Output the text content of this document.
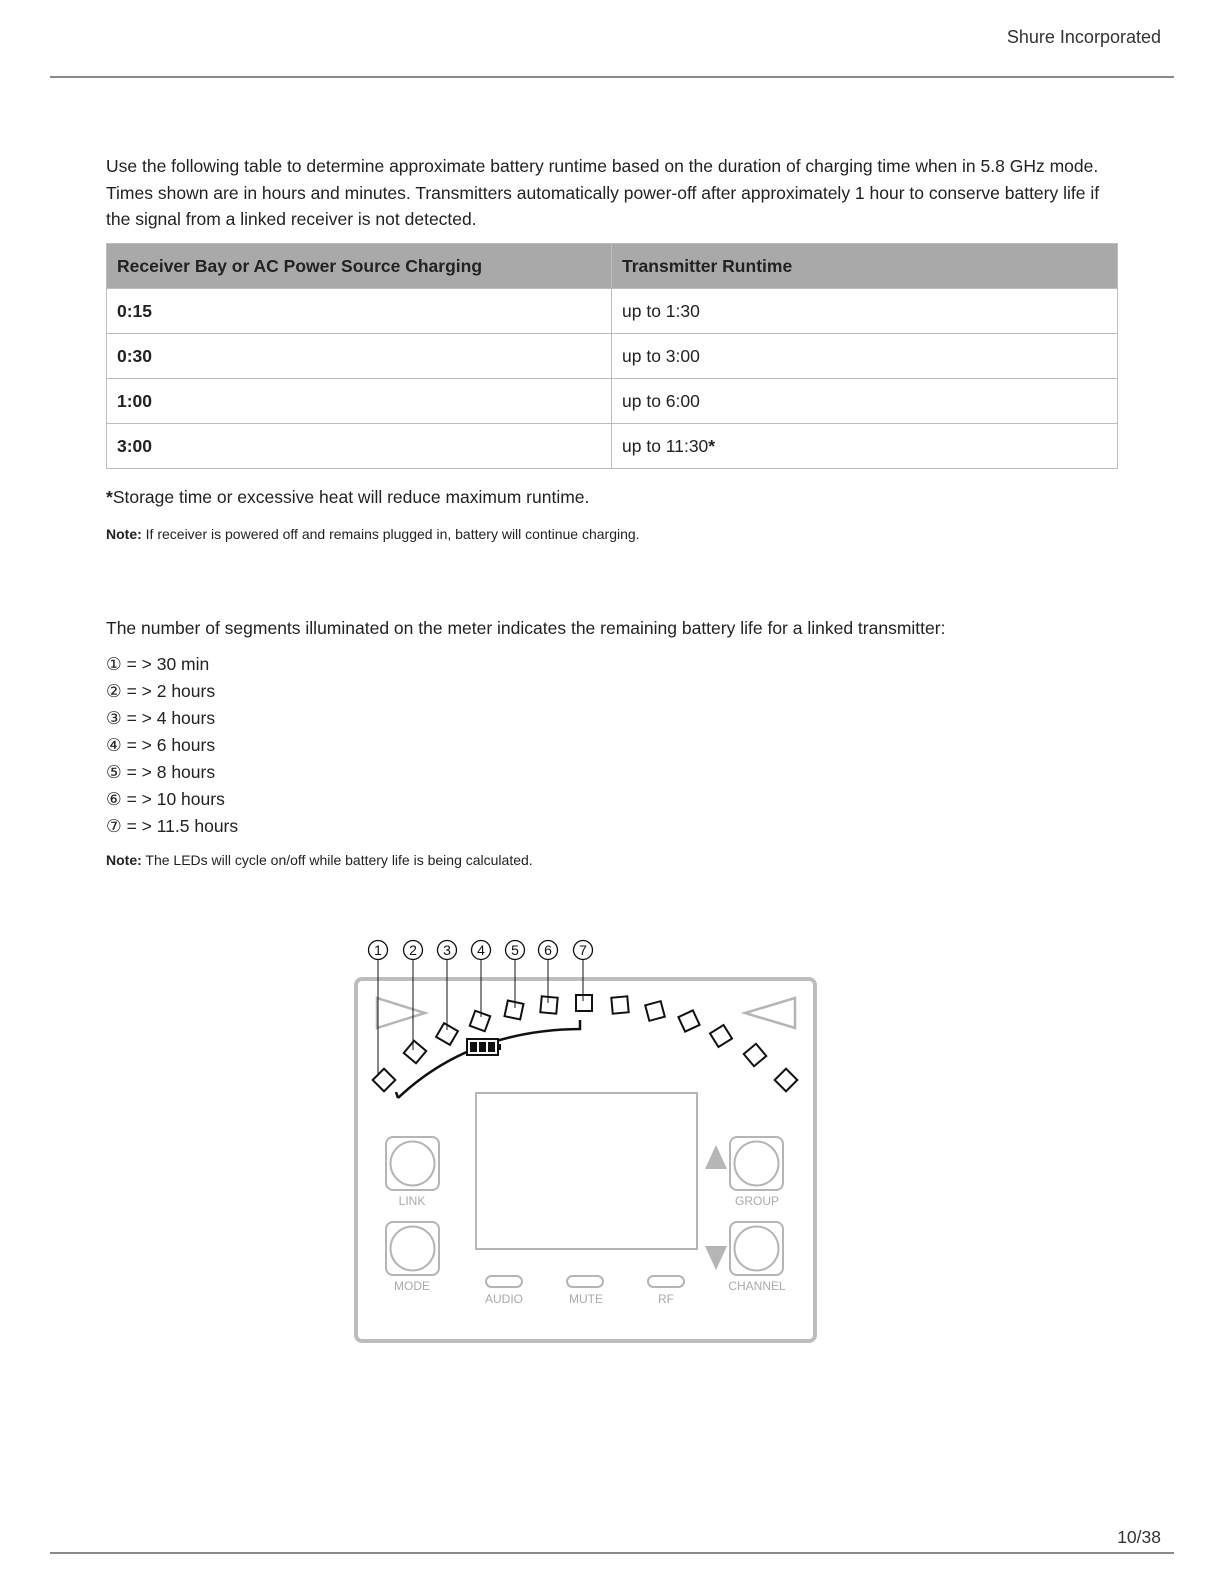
Shure Incorporated

Use the following table to determine approximate battery runtime based on the duration of charging time when in 5.8 GHz mode. Times shown are in hours and minutes. Transmitters automatically power-off after approximately 1 hour to conserve battery life if the signal from a linked receiver is not detected.

Receiver Bay or AC Power Source Charging	Transmitter Runtime
0:15	up to 1:30
0:30	up to 3:00
1:00	up to 6:00
3:00	up to 11:30*
*Storage time or excessive heat will reduce maximum runtime.
Note: If receiver is powered off and remains plugged in, battery will continue charging.
The number of segments illuminated on the meter indicates the remaining battery life for a linked transmitter:
① = > 30 min
② = > 2 hours
③ = > 4 hours
④ = > 6 hours
⑤ = > 8 hours
⑥ = > 10 hours
⑦ = > 11.5 hours
Note: The LEDs will cycle on/off while battery life is being calculated.
1 2 3 4 5 6 7
LINK
MODE
GROUP
CHANNEL
AUDIO	MUTE	RF
10/38
